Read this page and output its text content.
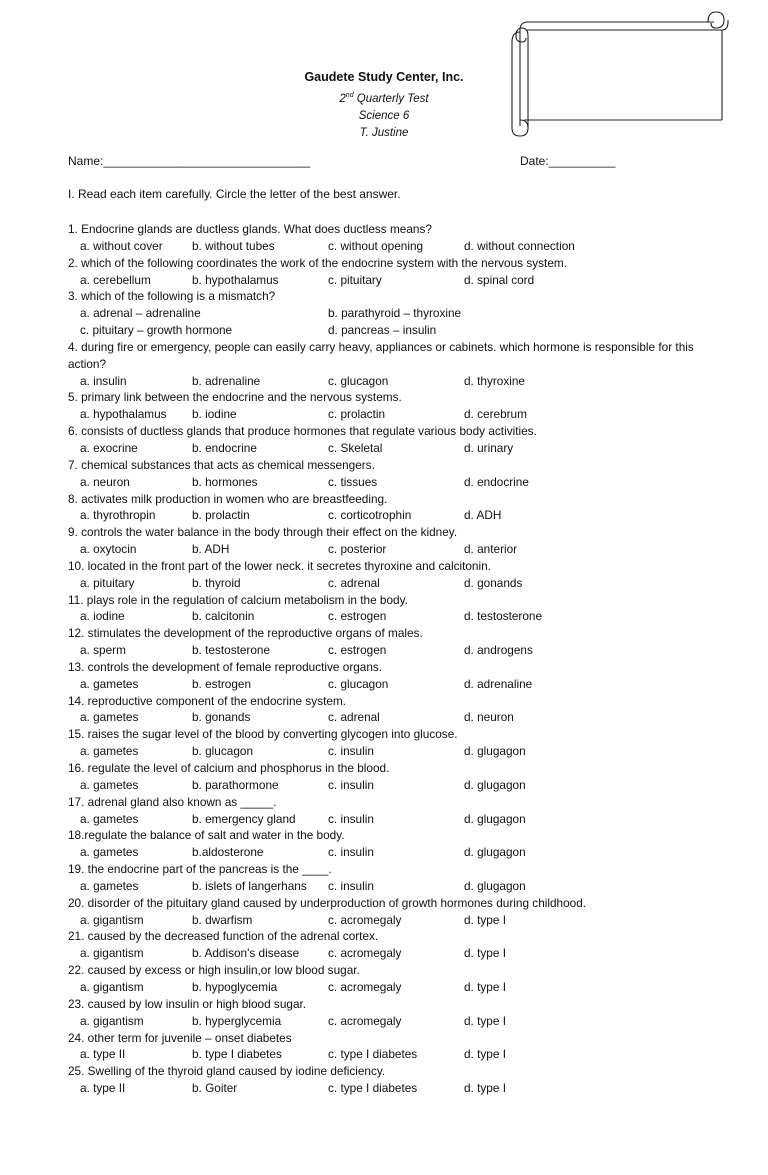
Gaudete Study Center, Inc.
2nd Quarterly Test
Science 6
T. Justine
Name:_______________________________	Date:__________
I. Read each item carefully. Circle the letter of the best answer.
1. Endocrine glands are ductless glands. What does ductless means?
a. without cover	b. without tubes	c. without opening	d. without connection
2. which of the following coordinates the work of the endocrine system with the nervous system.
a. cerebellum	b. hypothalamus	c. pituitary	d. spinal cord
3. which of the following is a mismatch?
a. adrenal – adrenaline	b. parathyroid – thyroxine
c. pituitary – growth hormone	d. pancreas – insulin
4. during fire or emergency, people can easily carry heavy, appliances or cabinets. which hormone is responsible for this action?
a. insulin	b. adrenaline	c. glucagon	d. thyroxine
5. primary link between the endocrine and the nervous systems.
a. hypothalamus	b. iodine	c. prolactin	d. cerebrum
6. consists of ductless glands that produce hormones that regulate various body activities.
a. exocrine	b. endocrine	c. Skeletal	d. urinary
7. chemical substances that acts as chemical messengers.
a. neuron	b. hormones	c. tissues	d. endocrine
8. activates milk production in women who are breastfeeding.
a. thyrothropin	b. prolactin	c. corticotrophin	d. ADH
9. controls the water balance in the body through their effect on the kidney.
a. oxytocin	b. ADH	c. posterior	d. anterior
10. located in the front part of the lower neck. it secretes thyroxine and calcitonin.
a. pituitary	b. thyroid	c. adrenal	d. gonands
11. plays role in the regulation of calcium metabolism in the body.
a. iodine	b. calcitonin	c. estrogen	d. testosterone
12. stimulates the development of the reproductive organs of males.
a. sperm	b. testosterone	c. estrogen	d. androgens
13. controls the development of female reproductive organs.
a. gametes	b. estrogen	c. glucagon	d. adrenaline
14. reproductive component of the endocrine system.
a. gametes	b. gonands	c. adrenal	d. neuron
15. raises the sugar level of the blood by converting glycogen into glucose.
a. gametes	b. glucagon	c. insulin	d. glugagon
16. regulate the level of calcium and phosphorus in the blood.
a. gametes	b. parathormone	c. insulin	d. glugagon
17. adrenal gland also known as _____.
a. gametes	b. emergency gland	c. insulin	d. glugagon
18.regulate the balance of salt and water in the body.
a. gametes	b.aldosterone	c. insulin	d. glugagon
19. the endocrine part of the pancreas is the ____.
a. gametes	b. islets of langerhans	c. insulin	d. glugagon
20. disorder of the pituitary gland caused by underproduction of growth hormones during childhood.
a. gigantism	b. dwarfism	c. acromegaly	d. type I
21. caused by the decreased function of the adrenal cortex.
a. gigantism	b. Addison's disease	c. acromegaly	d. type I
22. caused by excess or high insulin,or low blood sugar.
a. gigantism	b. hypoglycemia	c. acromegaly	d. type I
23. caused by low insulin or high blood sugar.
a. gigantism	b. hyperglycemia	c. acromegaly	d. type I
24. other term for juvenile – onset diabetes
a. type II	b. type I diabetes	c. type I diabetes	d. type I
25. Swelling of the thyroid gland caused by iodine deficiency.
a. type II	b. Goiter	c. type I diabetes	d. type I
